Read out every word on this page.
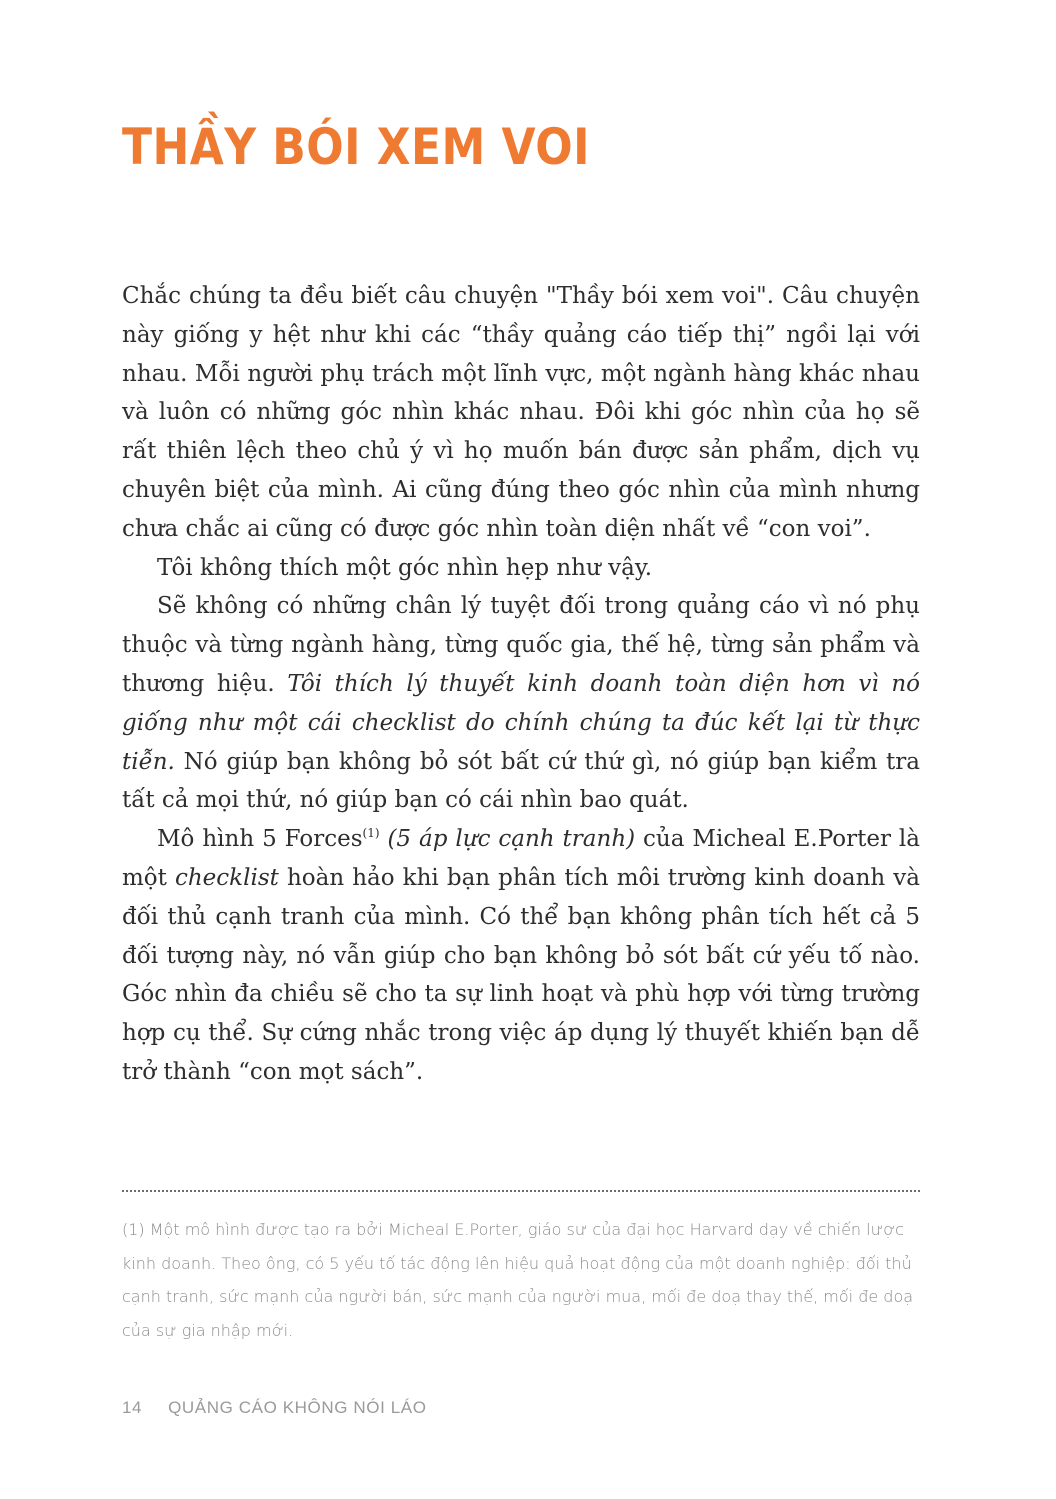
THẦY BÓI XEM VOI

Chắc chúng ta đều biết câu chuyện "Thầy bói xem voi". Câu chuyện này giống y hệt như khi các “thầy quảng cáo tiếp thị” ngồi lại với nhau. Mỗi người phụ trách một lĩnh vực, một ngành hàng khác nhau và luôn có những góc nhìn khác nhau. Đôi khi góc nhìn của họ sẽ rất thiên lệch theo chủ ý vì họ muốn bán được sản phẩm, dịch vụ chuyên biệt của mình. Ai cũng đúng theo góc nhìn của mình nhưng chưa chắc ai cũng có được góc nhìn toàn diện nhất về “con voi”.

Tôi không thích một góc nhìn hẹp như vậy.

Sẽ không có những chân lý tuyệt đối trong quảng cáo vì nó phụ thuộc và từng ngành hàng, từng quốc gia, thế hệ, từng sản phẩm và thương hiệu. Tôi thích lý thuyết kinh doanh toàn diện hơn vì nó giống như một cái checklist do chính chúng ta đúc kết lại từ thực tiễn. Nó giúp bạn không bỏ sót bất cứ thứ gì, nó giúp bạn kiểm tra tất cả mọi thứ, nó giúp bạn có cái nhìn bao quát.

Mô hình 5 Forces$^{(1)}$ (5 áp lực cạnh tranh) của Micheal E.Porter là một checklist hoàn hảo khi bạn phân tích môi trường kinh doanh và đối thủ cạnh tranh của mình. Có thể bạn không phân tích hết cả 5 đối tượng này, nó vẫn giúp cho bạn không bỏ sót bất cứ yếu tố nào. Góc nhìn đa chiều sẽ cho ta sự linh hoạt và phù hợp với từng trường hợp cụ thể. Sự cứng nhắc trong việc áp dụng lý thuyết khiến bạn dễ trở thành “con mọt sách”.

(1) Một mô hình được tạo ra bởi Micheal E.Porter, giáo sư của đại học Harvard dạy về chiến lược kinh doanh. Theo ông, có 5 yếu tố tác động lên hiệu quả hoạt động của một doanh nghiệp: đối thủ cạnh tranh, sức mạnh của người bán, sức mạnh của người mua, mối đe doạ thay thế, mối đe doạ của sự gia nhập mới.

14 QUẢNG CÁO KHÔNG NÓI LÁO
